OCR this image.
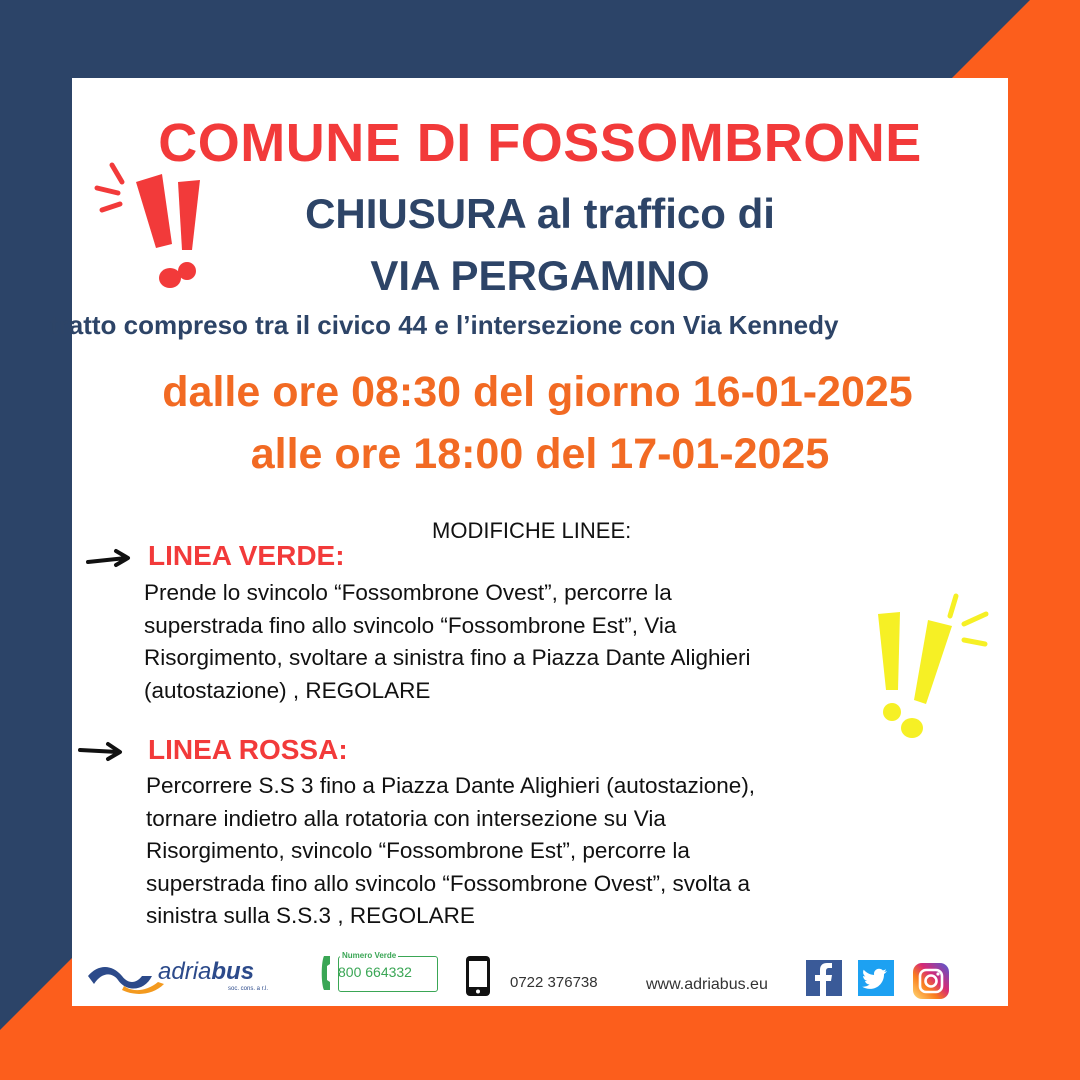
COMUNE DI FOSSOMBRONE
CHIUSURA al traffico di
VIA PERGAMINO
tratto compreso tra il civico 44 e l’intersezione con Via Kennedy
dalle ore 08:30 del giorno 16-01-2025
alle ore 18:00 del 17-01-2025
MODIFICHE LINEE:
LINEA VERDE:
Prende lo svincolo “Fossombrone Ovest”, percorre la
superstrada fino allo svincolo “Fossombrone Est”, Via
Risorgimento, svoltare a sinistra fino a Piazza Dante Alighieri
(autostazione) , REGOLARE
LINEA ROSSA:
Percorrere S.S 3 fino a Piazza Dante Alighieri (autostazione),
tornare indietro alla rotatoria con intersezione su Via
Risorgimento, svincolo “Fossombrone Est”, percorre la
superstrada fino allo svincolo “Fossombrone Ovest”, svolta a
sinistra sulla S.S.3 , REGOLARE
adriabus
soc. cons. a r.l.
Numero Verde
800 664332
0722 376738	www.adriabus.eu
